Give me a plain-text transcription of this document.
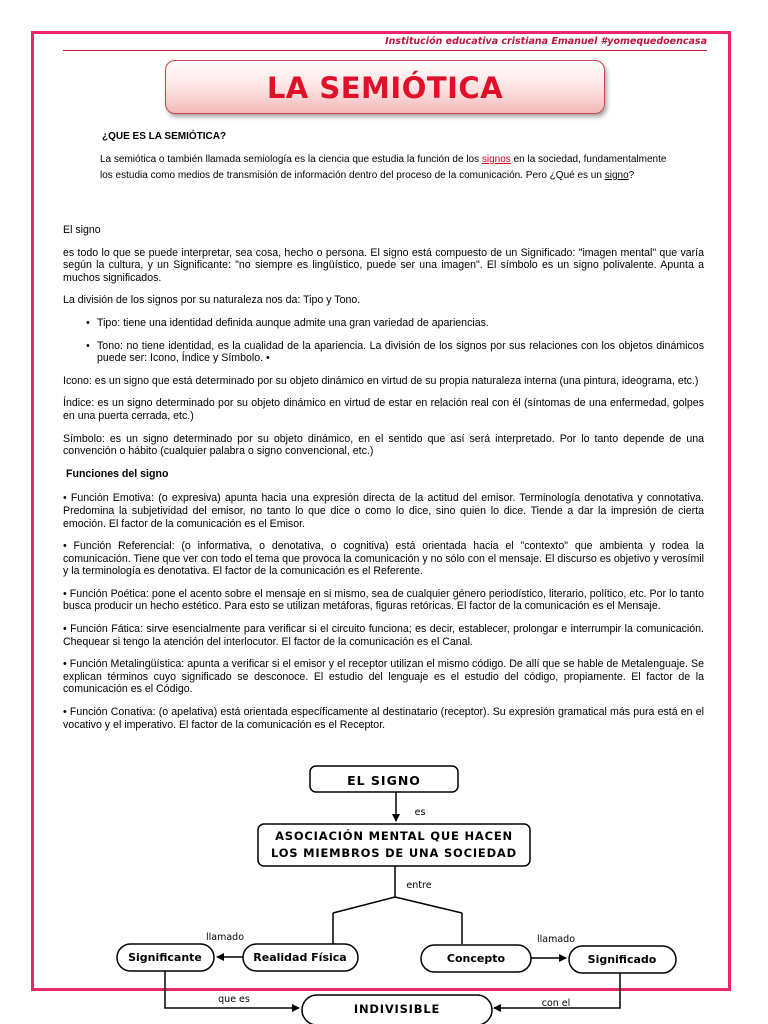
Institución educativa cristiana Emanuel #yomequedoencasa
LA SEMIÓTICA
¿QUE ES LA SEMIÓTICA?
La semiótica o también llamada semiología es la ciencia que estudia la función de los signos en la sociedad, fundamentalmente los estudia como medios de transmisión de información dentro del proceso de la comunicación. Pero ¿Qué es un signo?

El signo

es todo lo que se puede interpretar, sea cosa, hecho o persona. El signo está compuesto de un Significado: "imagen mental" que varía según la cultura, y un Significante: "no siempre es lingüístico, puede ser una imagen". El símbolo es un signo polivalente. Apunta a muchos significados.

La división de los signos por su naturaleza nos da: Tipo y Tono.

• Tipo: tiene una identidad definida aunque admite una gran variedad de apariencias.
• Tono: no tiene identidad, es la cualidad de la apariencia. La división de los signos por sus relaciones con los objetos dinámicos puede ser: Icono, Índice y Símbolo. •

Icono: es un signo que está determinado por su objeto dinámico en virtud de su propia naturaleza interna (una pintura, ideograma, etc.)

Índice: es un signo determinado por su objeto dinámico en virtud de estar en relación real con él (síntomas de una enfermedad, golpes en una puerta cerrada, etc.)

Símbolo: es un signo determinado por su objeto dinámico, en el sentido que así será interpretado. Por lo tanto depende de una convención o hábito (cualquier palabra o signo convencional, etc.)

Funciones del signo

• Función Emotiva: (o expresiva) apunta hacia una expresión directa de la actitud del emisor. Terminología denotativa y connotativa. Predomina la subjetividad del emisor, no tanto lo que dice o como lo dice, sino quien lo dice. Tiende a dar la impresión de cierta emoción. El factor de la comunicación es el Emisor.

• Función Referencial: (o informativa, o denotativa, o cognitiva) está orientada hacia el "contexto" que ambienta y rodea la comunicación. Tiene que ver con todo el tema que provoca la comunicación y no sólo con el mensaje. El discurso es objetivo y verosímil y la terminología es denotativa. El factor de la comunicación es el Referente.

• Función Poética: pone el acento sobre el mensaje en si mismo, sea de cualquier género periodístico, literario, político, etc. Por lo tanto busca producir un hecho estético. Para esto se utilizan metáforas, figuras retóricas. El factor de la comunicación es el Mensaje.

• Función Fática: sirve esencialmente para verificar si el circuito funciona; es decir, establecer, prolongar e interrumpir la comunicación. Chequear si tengo la atención del interlocutor. El factor de la comunicación es el Canal.

• Función Metalingüística: apunta a verificar si el emisor y el receptor utilizan el mismo código. De allí que se hable de Metalenguaje. Se explican términos cuyo significado se desconoce. El estudio del lenguaje es el estudio del código, propiamente. El factor de la comunicación es el Código.

• Función Conativa: (o apelativa) está orientada específicamente al destinatario (receptor). Su expresión gramatical más pura está en el vocativo y el imperativo. El factor de la comunicación es el Receptor.

EL SIGNO
es
ASOCIACIÓN MENTAL QUE HACEN
LOS MIEMBROS DE UNA SOCIEDAD
entre
llamado	llamado
Significante	Realidad Física	Concepto	Significado
que es	con el
INDIVISIBLE
